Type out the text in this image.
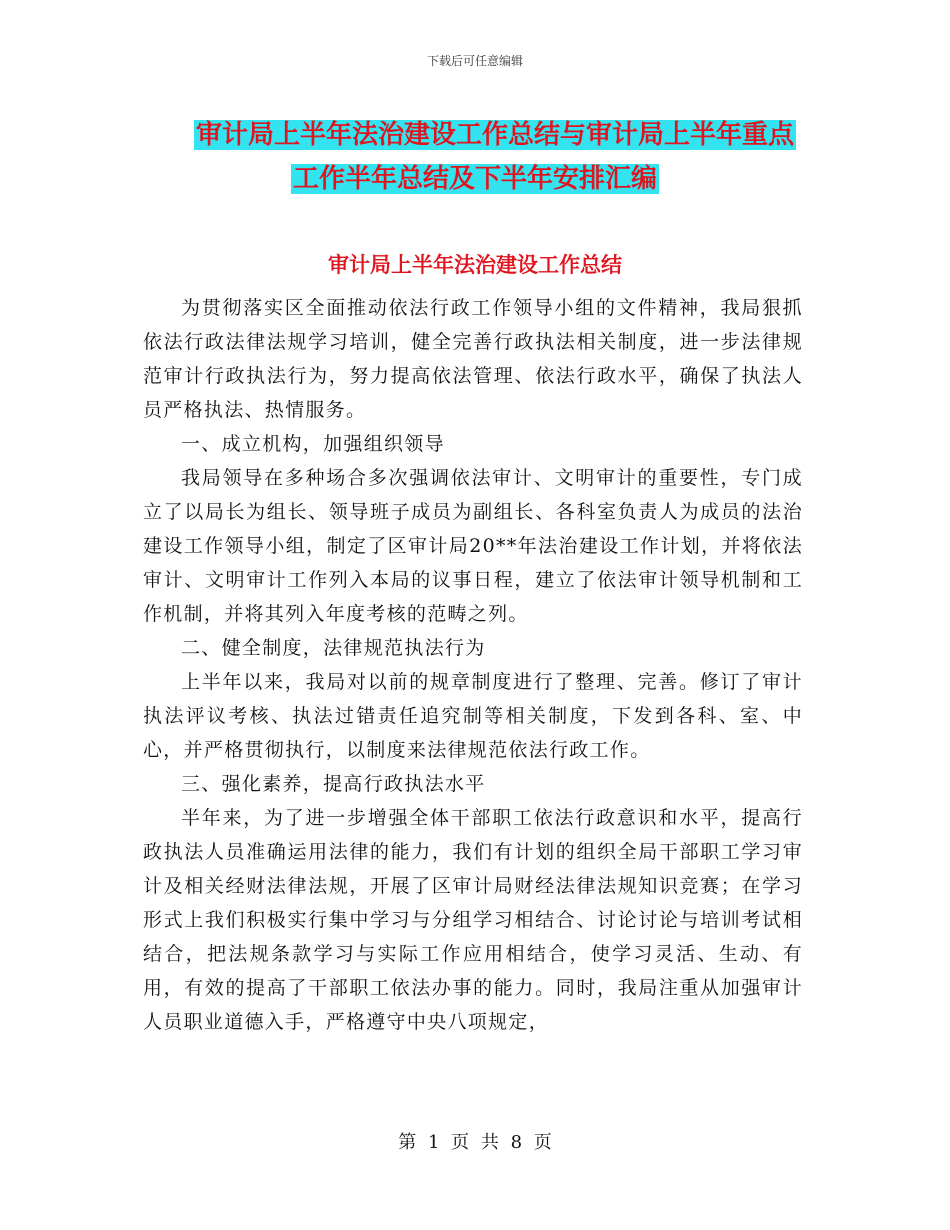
下载后可任意编辑
审计局上半年法治建设工作总结与审计局上半年重点
工作半年总结及下半年安排汇编
审计局上半年法治建设工作总结

为贯彻落实区全面推动依法行政工作领导小组的文件精神，我局狠抓依法行政法律法规学习培训，健全完善行政执法相关制度，进一步法律规范审计行政执法行为，努力提高依法管理、依法行政水平，确保了执法人员严格执法、热情服务。

一、成立机构，加强组织领导

我局领导在多种场合多次强调依法审计、文明审计的重要性，专门成立了以局长为组长、领导班子成员为副组长、各科室负责人为成员的法治建设工作领导小组，制定了区审计局20**年法治建设工作计划，并将依法审计、文明审计工作列入本局的议事日程，建立了依法审计领导机制和工作机制，并将其列入年度考核的范畴之列。

二、健全制度，法律规范执法行为

上半年以来，我局对以前的规章制度进行了整理、完善。修订了审计执法评议考核、执法过错责任追究制等相关制度，下发到各科、室、中心，并严格贯彻执行，以制度来法律规范依法行政工作。

三、强化素养，提高行政执法水平

半年来，为了进一步增强全体干部职工依法行政意识和水平，提高行政执法人员准确运用法律的能力，我们有计划的组织全局干部职工学习审计及相关经财法律法规，开展了区审计局财经法律法规知识竞赛；在学习形式上我们积极实行集中学习与分组学习相结合、讨论讨论与培训考试相结合，把法规条款学习与实际工作应用相结合，使学习灵活、生动、有用，有效的提高了干部职工依法办事的能力。同时，我局注重从加强审计人员职业道德入手，严格遵守中央八项规定，

第 1 页 共 8 页
